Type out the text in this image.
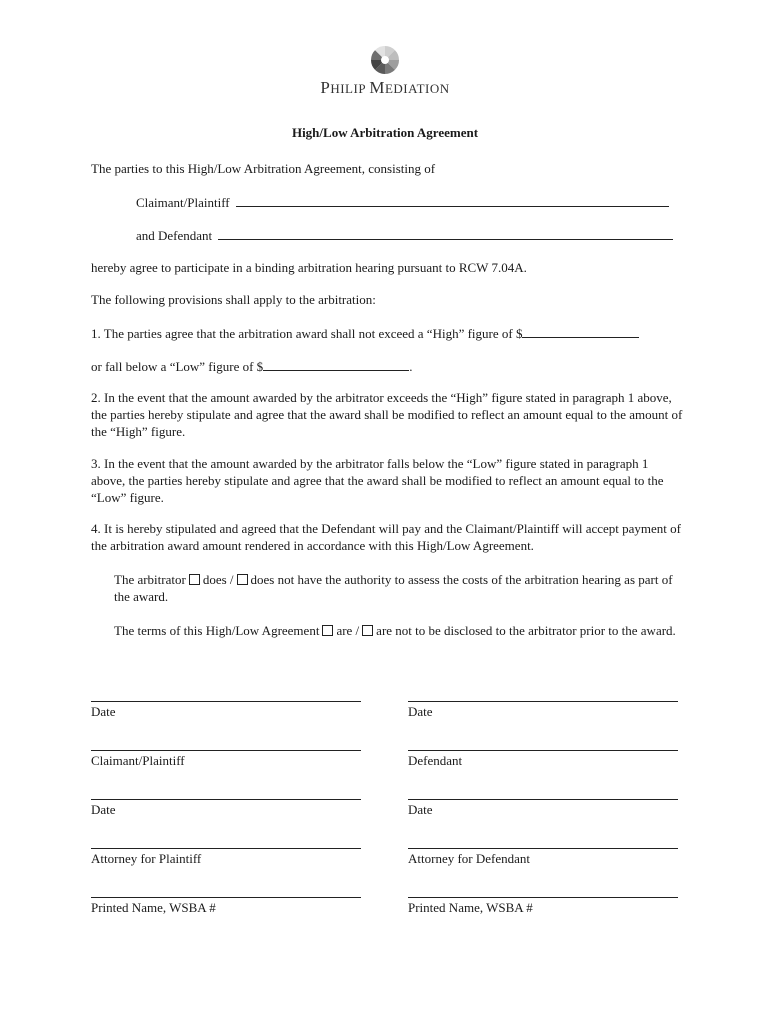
PHILIP MEDIATION
High/Low Arbitration Agreement
The parties to this High/Low Arbitration Agreement, consisting of
Claimant/Plaintiff
and Defendant
hereby agree to participate in a binding arbitration hearing pursuant to RCW 7.04A.
The following provisions shall apply to the arbitration:
1. The parties agree that the arbitration award shall not exceed a “High” figure of $
or fall below a “Low” figure of $	.
2. In the event that the amount awarded by the arbitrator exceeds the “High” figure stated in paragraph 1 above, the parties hereby stipulate and agree that the award shall be modified to reflect an amount equal to the amount of the “High” figure.
3. In the event that the amount awarded by the arbitrator falls below the “Low” figure stated in paragraph 1 above, the parties hereby stipulate and agree that the award shall be modified to reflect an amount equal to the “Low” figure.
4. It is hereby stipulated and agreed that the Defendant will pay and the Claimant/Plaintiff will accept payment of the arbitration award amount rendered in accordance with this High/Low Agreement.
The arbitrator does / does not have the authority to assess the costs of the arbitration hearing as part of the award.
The terms of this High/Low Agreement are / are not to be disclosed to the arbitrator prior to the award.
Date	Date
Claimant/Plaintiff	Defendant
Date	Date
Attorney for Plaintiff	Attorney for Defendant
Printed Name, WSBA #	Printed Name, WSBA #
